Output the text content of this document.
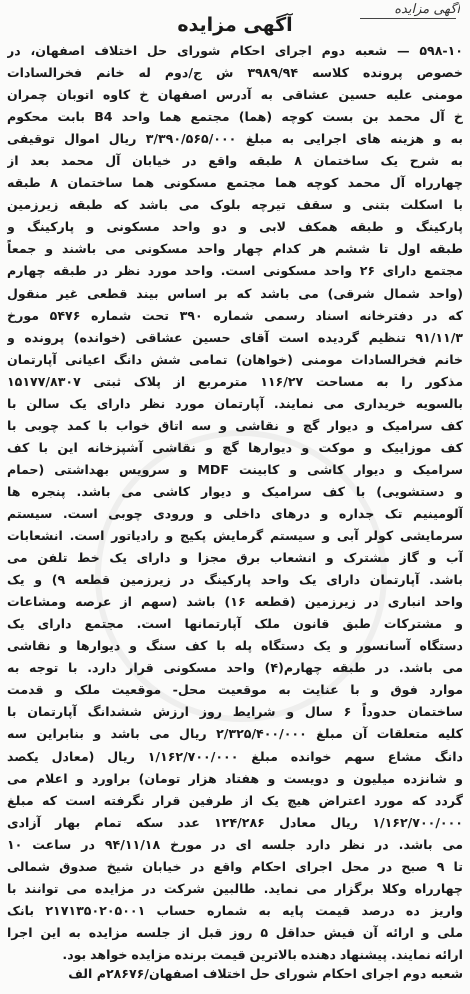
آگهی مزایده
آگهی مزایده
۵۹۸-۱۰ — شعبه دوم اجرای احکام شورای حل اختلاف اصفهان، در
خصوص پرونده کلاسه ۳۹۸۹/۹۴ ش ج/دوم له خانم فخرالسادات
مومنی علیه حسین عشاقی به آدرس اصفهان خ کاوه اتوبان چمران
خ آل محمد بن بست کوچه (هما) مجتمع هما واحد B4 بابت محکوم
به و هزینه های اجرایی به مبلغ ۳/۳۹۰/۵۶۵/۰۰۰ ریال اموال توقیفی
به شرح یک ساختمان ۸ طبقه واقع در خیابان آل محمد بعد از
چهارراه آل محمد کوچه هما مجتمع مسکونی هما ساختمان ۸ طبقه
با اسکلت بتنی و سقف تیرچه بلوک می باشد که طبقه زیرزمین
پارکینگ و طبقه همکف لابی و دو واحد مسکونی و پارکینگ و
طبقه اول تا ششم هر کدام چهار واحد مسکونی می باشند و جمعاً
مجتمع دارای ۲۶ واحد مسکونی است. واحد مورد نظر در طبقه چهارم
(واحد شمال شرقی) می باشد که بر اساس بیند قطعی غیر منقول
که در دفترخانه اسناد رسمی شماره ۳۹۰ تحت شماره ۵۴۷۶ مورخ
۹۱/۱۱/۳ تنظیم گردیده است آقای حسین عشاقی (خوانده) پرونده و
خانم فخرالسادات مومنی (خواهان) تمامی شش دانگ اعیانی آپارتمان
مذکور را به مساحت ۱۱۶/۲۷ مترمربع از پلاک ثبتی ۱۵۱۷۷/۸۳۰۷
بالسویه خریداری می نمایند. آپارتمان مورد نظر دارای یک سالن با
کف سرامیک و دیوار گچ و نقاشی و سه اتاق خواب با کمد چوبی با
کف موزاییک و موکت و دیوارها گچ و نقاشی آشپزخانه این با کف
سرامیک و دیوار کاشی و کابینت MDF و سرویس بهداشتی (حمام
و دستشویی) با کف سرامیک و دیوار کاشی می باشد. پنجره ها
آلومینیم تک جداره و درهای داخلی و ورودی چوبی است. سیستم
سرمایشی کولر آبی و سیستم گرمایش پکیج و رادیاتور است. انشعابات
آب و گاز مشترک و انشعاب برق مجزا و دارای یک خط تلفن می
باشد. آپارتمان دارای یک واحد پارکینگ در زیرزمین قطعه ۹) و یک
واحد انباری در زیرزمین (قطعه ۱۶) باشد (سهم از عرصه ومشاعات
و مشترکات طبق قانون ملک آپارتمانها است. مجتمع دارای یک
دستگاه آسانسور و یک دستگاه پله با کف سنگ و دیوارها و نقاشی
می باشد. در طبقه چهارم(۴) واحد مسکونی قرار دارد. با توجه به
موارد فوق و با عنایت به موقعیت محل- موقعیت ملک و قدمت
ساختمان حدوداً ۶ سال و شرایط روز ارزش ششدانگ آپارتمان با
کلیه متعلقات آن مبلغ ۲/۳۲۵/۴۰۰/۰۰۰ ریال می باشد و بنابراین سه
دانگ مشاع سهم خوانده مبلغ ۱/۱۶۲/۷۰۰/۰۰۰ ریال (معادل یکصد
و شانزده میلیون و دویست و هفتاد هزار تومان) براورد و اعلام می
گردد که مورد اعتراض هیچ یک از طرفین قرار نگرفته است که مبلغ
۱/۱۶۲/۷۰۰/۰۰۰ ریال معادل ۱۲۴/۲۸۶ عدد سکه تمام بهار آزادی
می باشد. در نظر دارد جلسه ای در مورخ ۹۴/۱۱/۱۸ در ساعت ۱۰
تا ۹ صبح در محل اجرای احکام واقع در خیابان شیخ صدوق شمالی
چهارراه وکلا برگزار می نماید. طالبین شرکت در مزایده می توانند با
واریز ده درصد قیمت پایه به شماره حساب ۲۱۷۱۳۵۰۲۰۵۰۰۱ بانک
ملی و ارائه آن فیش حداقل ۵ روز قبل از جلسه مزایده به این اجرا
ارائه نمایند. پیشنهاد دهنده بالاترین قیمت برنده مزایده خواهد بود.
شعبه دوم اجرای احکام شورای حل اختلاف اصفهان/۲۸۶۷۶م الف
